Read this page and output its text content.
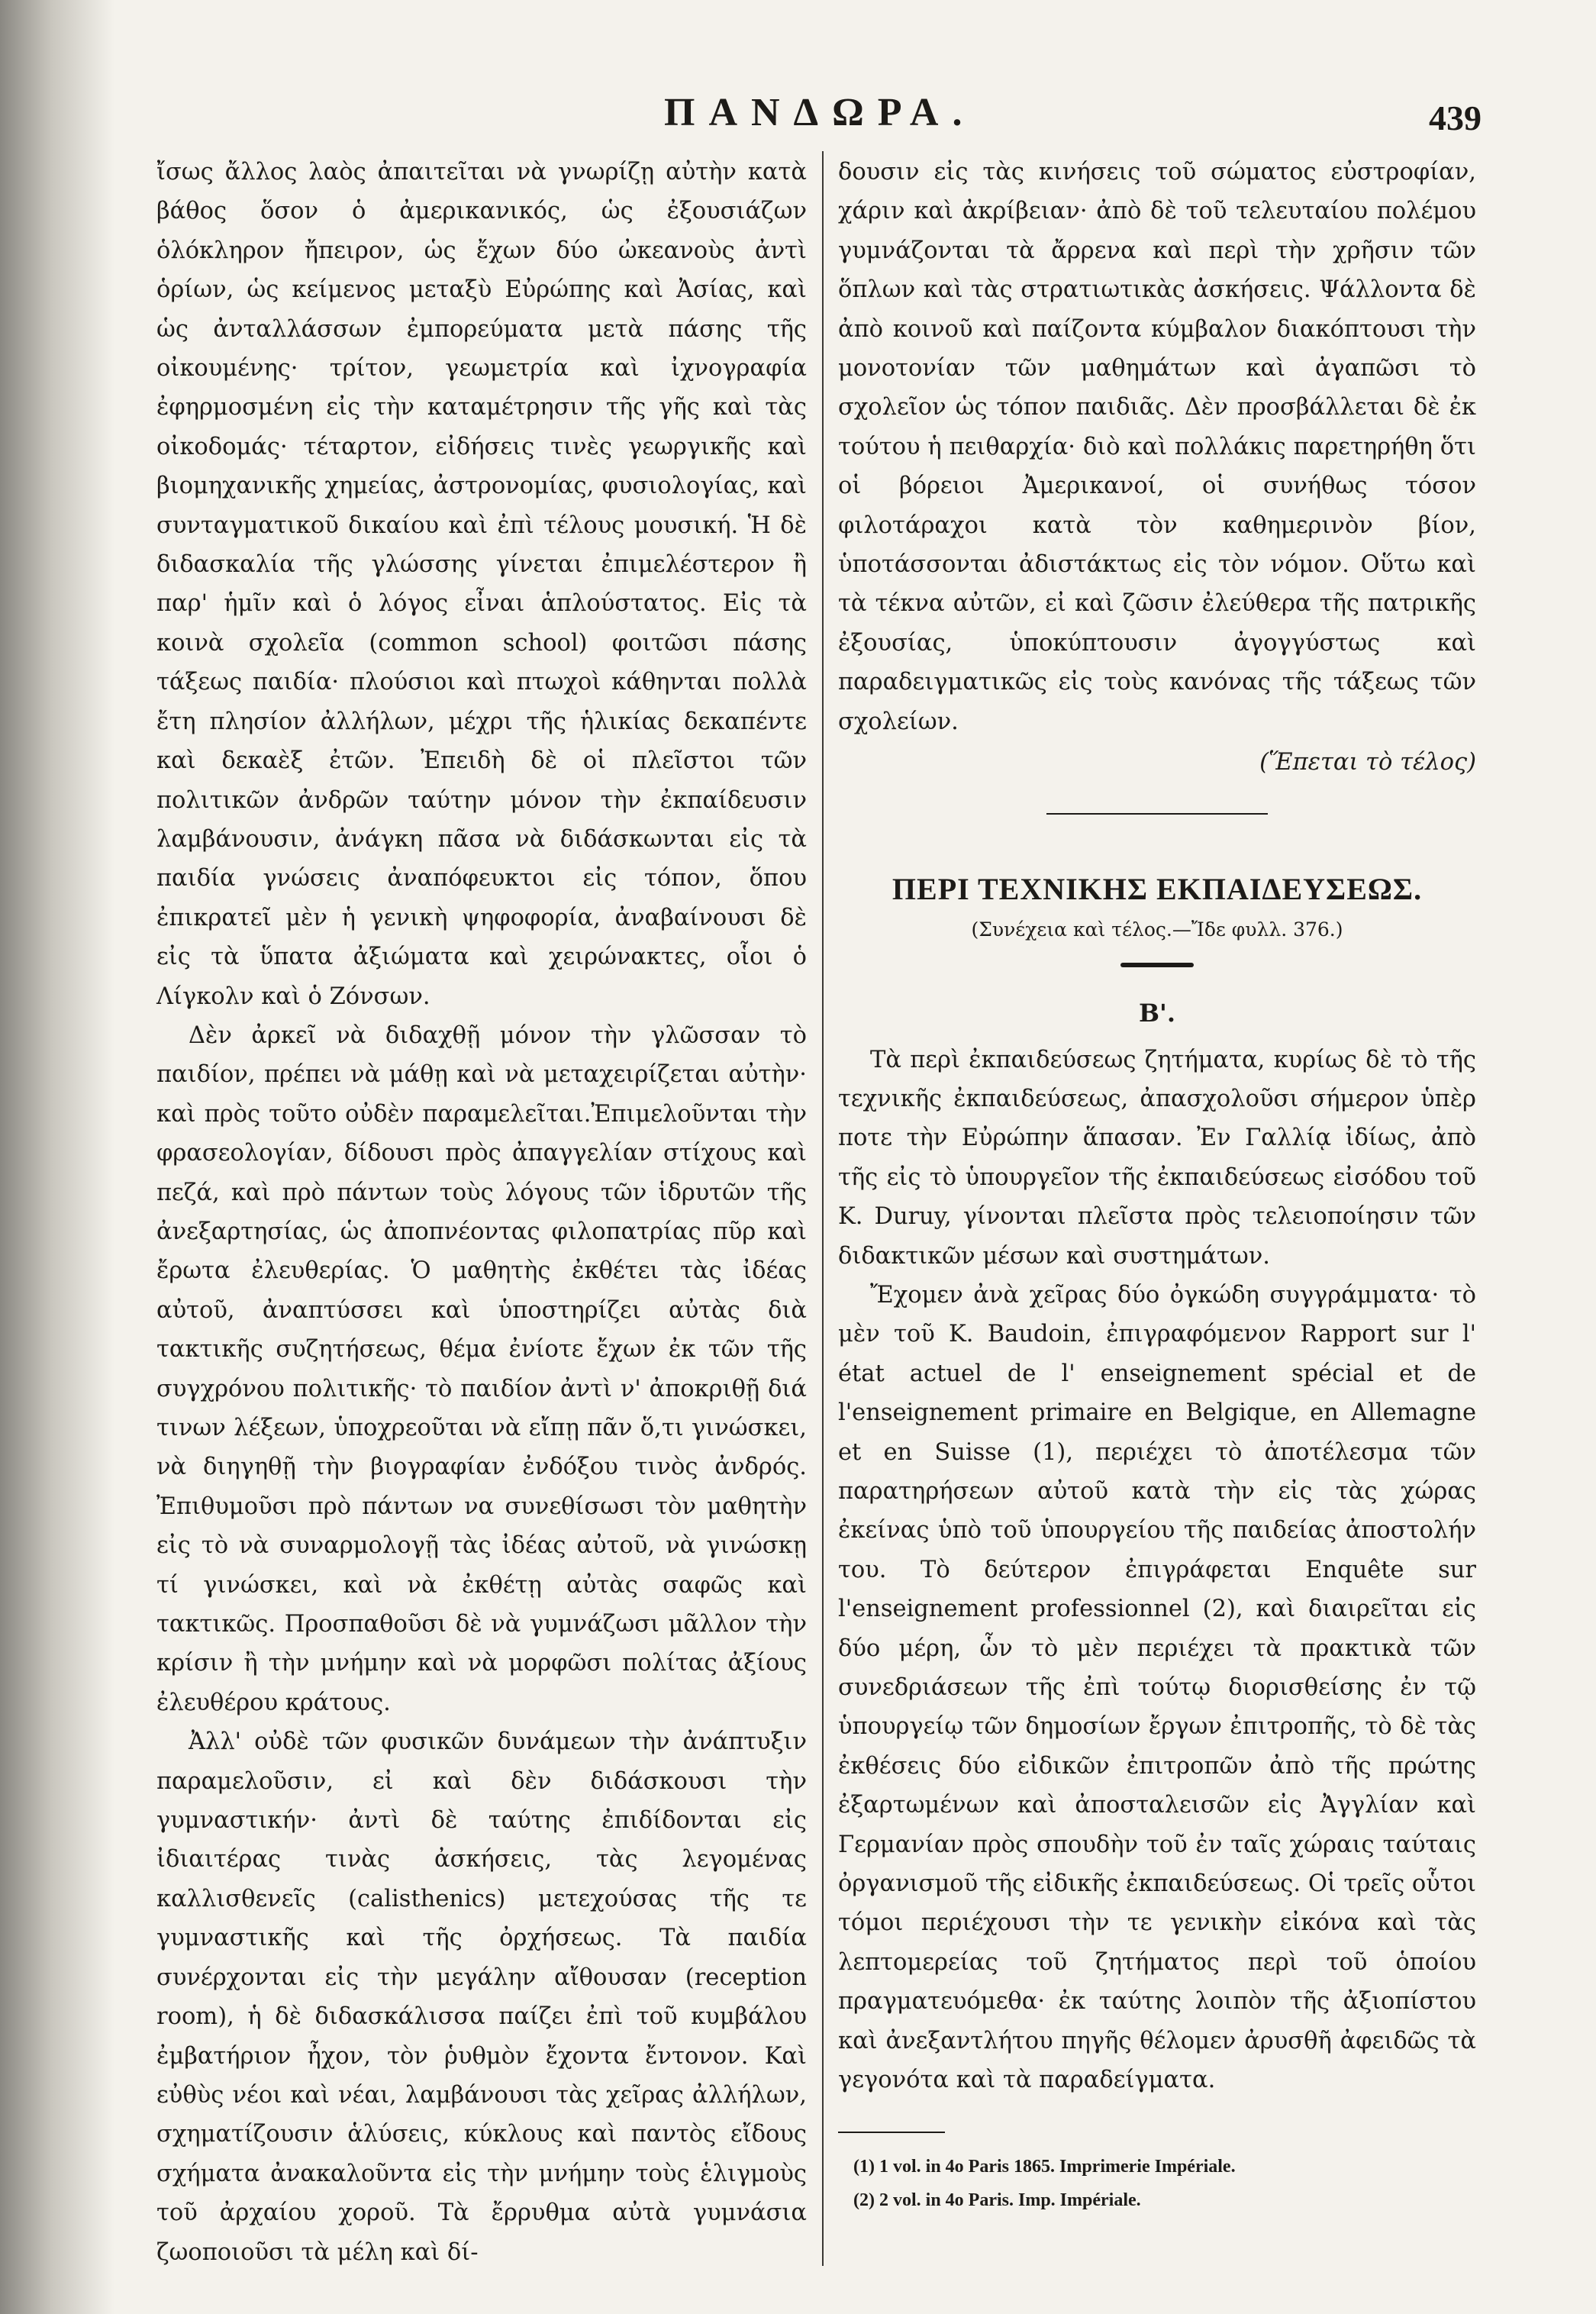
ΠΑΝΔΩΡΑ.	439

ἴσως ἄλλος λαὸς ἀπαιτεῖται νὰ γνωρίζῃ αὐτὴν κατὰ βάθος ὅσον ὁ ἀμερικανικός, ὡς ἐξουσιάζων ὁλόκληρον ἤπειρον, ὡς ἔχων δύο ὠκεανοὺς ἀντὶ ὁρίων, ὡς κείμενος μεταξὺ Εὐρώπης καὶ Ἀσίας, καὶ ὡς ἀνταλλάσσων ἐμπορεύματα μετὰ πάσης τῆς οἰκουμένης· τρίτον, γεωμετρία καὶ ἰχνογραφία ἐφηρμοσμένη εἰς τὴν καταμέτρησιν τῆς γῆς καὶ τὰς οἰκοδομάς· τέταρτον, εἰδήσεις τινὲς γεωργικῆς καὶ βιομηχανικῆς χημείας, ἀστρονομίας, φυσιολογίας, καὶ συνταγματικοῦ δικαίου καὶ ἐπὶ τέλους μουσική. Ἡ δὲ διδασκαλία τῆς γλώσσης γίνεται ἐπιμελέστερον ἢ παρ' ἡμῖν καὶ ὁ λόγος εἶναι ἁπλούστατος. Εἰς τὰ κοινὰ σχολεῖα (common school) φοιτῶσι πάσης τάξεως παιδία· πλούσιοι καὶ πτωχοὶ κάθηνται πολλὰ ἔτη πλησίον ἀλλήλων, μέχρι τῆς ἡλικίας δεκαπέντε καὶ δεκαὲξ ἐτῶν. Ἐπειδὴ δὲ οἱ πλεῖστοι τῶν πολιτικῶν ἀνδρῶν ταύτην μόνον τὴν ἐκπαίδευσιν λαμβάνουσιν, ἀνάγκη πᾶσα νὰ διδάσκωνται εἰς τὰ παιδία γνώσεις ἀναπόφευκτοι εἰς τόπον, ὅπου ἐπικρατεῖ μὲν ἡ γενικὴ ψηφοφορία, ἀναβαίνουσι δὲ εἰς τὰ ὕπατα ἀξιώματα καὶ χειρώνακτες, οἷοι ὁ Λίγκολν καὶ ὁ Ζόνσων.

Δὲν ἀρκεῖ νὰ διδαχθῇ μόνον τὴν γλῶσσαν τὸ παιδίον, πρέπει νὰ μάθῃ καὶ νὰ μεταχειρίζεται αὐτὴν· καὶ πρὸς τοῦτο οὐδὲν παραμελεῖται.Ἐπιμελοῦνται τὴν φρασεολογίαν, δίδουσι πρὸς ἀπαγγελίαν στίχους καὶ πεζά, καὶ πρὸ πάντων τοὺς λόγους τῶν ἱδρυτῶν τῆς ἀνεξαρτησίας, ὡς ἀποπνέοντας φιλοπατρίας πῦρ καὶ ἔρωτα ἐλευθερίας. Ὁ μαθητὴς ἐκθέτει τὰς ἰδέας αὐτοῦ, ἀναπτύσσει καὶ ὑποστηρίζει αὐτὰς διὰ τακτικῆς συζητήσεως, θέμα ἐνίοτε ἔχων ἐκ τῶν τῆς συγχρόνου πολιτικῆς· τὸ παιδίον ἀντὶ ν' ἀποκριθῇ διά τινων λέξεων, ὑποχρεοῦται νὰ εἴπῃ πᾶν ὅ,τι γινώσκει, νὰ διηγηθῇ τὴν βιογραφίαν ἐνδόξου τινὸς ἀνδρός. Ἐπιθυμοῦσι πρὸ πάντων να συνεθίσωσι τὸν μαθητὴν εἰς τὸ νὰ συναρμολογῇ τὰς ἰδέας αὐτοῦ, νὰ γινώσκῃ τί γινώσκει, καὶ νὰ ἐκθέτῃ αὐτὰς σαφῶς καὶ τακτικῶς. Προσπαθοῦσι δὲ νὰ γυμνάζωσι μᾶλλον τὴν κρίσιν ἢ τὴν μνήμην καὶ νὰ μορφῶσι πολίτας ἀξίους ἐλευθέρου κράτους.

Ἀλλ' οὐδὲ τῶν φυσικῶν δυνάμεων τὴν ἀνάπτυξιν παραμελοῦσιν, εἰ καὶ δὲν διδάσκουσι τὴν γυμναστικήν· ἀντὶ δὲ ταύτης ἐπιδίδονται εἰς ἰδιαιτέρας τινὰς ἀσκήσεις, τὰς λεγομένας καλλισθενεῖς (calisthenics) μετεχούσας τῆς τε γυμναστικῆς καὶ τῆς ὀρχήσεως. Τὰ παιδία συνέρχονται εἰς τὴν μεγάλην αἴθουσαν (reception room), ἡ δὲ διδασκάλισσα παίζει ἐπὶ τοῦ κυμβάλου ἐμβατήριον ἦχον, τὸν ῥυθμὸν ἔχοντα ἔντονον. Καὶ εὐθὺς νέοι καὶ νέαι, λαμβάνουσι τὰς χεῖρας ἀλλήλων, σχηματίζουσιν ἁλύσεις, κύκλους καὶ παντὸς εἴδους σχήματα ἀνακαλοῦντα εἰς τὴν μνήμην τοὺς ἑλιγμοὺς τοῦ ἀρχαίου χοροῦ. Τὰ ἔρρυθμα αὐτὰ γυμνάσια ζωοποιοῦσι τὰ μέλη καὶ δί-

δουσιν εἰς τὰς κινήσεις τοῦ σώματος εὐστροφίαν, χάριν καὶ ἀκρίβειαν· ἀπὸ δὲ τοῦ τελευταίου πολέμου γυμνάζονται τὰ ἄρρενα καὶ περὶ τὴν χρῆσιν τῶν ὅπλων καὶ τὰς στρατιωτικὰς ἀσκήσεις. Ψάλλοντα δὲ ἀπὸ κοινοῦ καὶ παίζοντα κύμβαλον διακόπτουσι τὴν μονοτονίαν τῶν μαθημάτων καὶ ἀγαπῶσι τὸ σχολεῖον ὡς τόπον παιδιᾶς. Δὲν προσβάλλεται δὲ ἐκ τούτου ἡ πειθαρχία· διὸ καὶ πολλάκις παρετηρήθη ὅτι οἱ βόρειοι Ἀμερικανοί, οἱ συνήθως τόσον φιλοτάραχοι κατὰ τὸν καθημερινὸν βίον, ὑποτάσσονται ἀδιστάκτως εἰς τὸν νόμον. Οὕτω καὶ τὰ τέκνα αὐτῶν, εἰ καὶ ζῶσιν ἐλεύθερα τῆς πατρικῆς ἐξουσίας, ὑποκύπτουσιν ἀγογγύστως καὶ παραδειγματικῶς εἰς τοὺς κανόνας τῆς τάξεως τῶν σχολείων.

(Ἕπεται τὸ τέλος)
ΠΕΡΙ ΤΕΧΝΙΚΗΣ ΕΚΠΑΙΔΕΥΣΕΩΣ.
(Συνέχεια καὶ τέλος.—Ἴδε φυλλ. 376.)
Β'.

Τὰ περὶ ἐκπαιδεύσεως ζητήματα, κυρίως δὲ τὸ τῆς τεχνικῆς ἐκπαιδεύσεως, ἀπασχολοῦσι σήμερον ὑπὲρ ποτε τὴν Εὐρώπην ἅπασαν. Ἐν Γαλλίᾳ ἰδίως, ἀπὸ τῆς εἰς τὸ ὑπουργεῖον τῆς ἐκπαιδεύσεως εἰσόδου τοῦ Κ. Duruy, γίνονται πλεῖστα πρὸς τελειοποίησιν τῶν διδακτικῶν μέσων καὶ συστημάτων.

Ἔχομεν ἀνὰ χεῖρας δύο ὀγκώδη συγγράμματα· τὸ μὲν τοῦ Κ. Baudoin, ἐπιγραφόμενον Rapport sur l' état actuel de l' enseignement spécial et de l'enseignement primaire en Belgique, en Allemagne et en Suisse (1), περιέχει τὸ ἀποτέλεσμα τῶν παρατηρήσεων αὐτοῦ κατὰ τὴν εἰς τὰς χώρας ἐκείνας ὑπὸ τοῦ ὑπουργείου τῆς παιδείας ἀποστολήν του. Τὸ δεύτερον ἐπιγράφεται Enquête sur l'enseignement professionnel (2), καὶ διαιρεῖται εἰς δύο μέρη, ὧν τὸ μὲν περιέχει τὰ πρακτικὰ τῶν συνεδριάσεων τῆς ἐπὶ τούτῳ διορισθείσης ἐν τῷ ὑπουργείῳ τῶν δημοσίων ἔργων ἐπιτροπῆς, τὸ δὲ τὰς ἐκθέσεις δύο εἰδικῶν ἐπιτροπῶν ἀπὸ τῆς πρώτης ἐξαρτωμένων καὶ ἀποσταλεισῶν εἰς Ἀγγλίαν καὶ Γερμανίαν πρὸς σπουδὴν τοῦ ἐν ταῖς χώραις ταύταις ὀργανισμοῦ τῆς εἰδικῆς ἐκπαιδεύσεως. Οἱ τρεῖς οὗτοι τόμοι περιέχουσι τὴν τε γενικὴν εἰκόνα καὶ τὰς λεπτομερείας τοῦ ζητήματος περὶ τοῦ ὁποίου πραγματευόμεθα· ἐκ ταύτης λοιπὸν τῆς ἀξιοπίστου καὶ ἀνεξαντλήτου πηγῆς θέλομεν ἀρυσθῆ ἀφειδῶς τὰ γεγονότα καὶ τὰ παραδείγματα.

(1) 1 vol. in 4o Paris 1865. Imprimerie Impériale.
(2) 2 vol. in 4o Paris. Imp. Impériale.
